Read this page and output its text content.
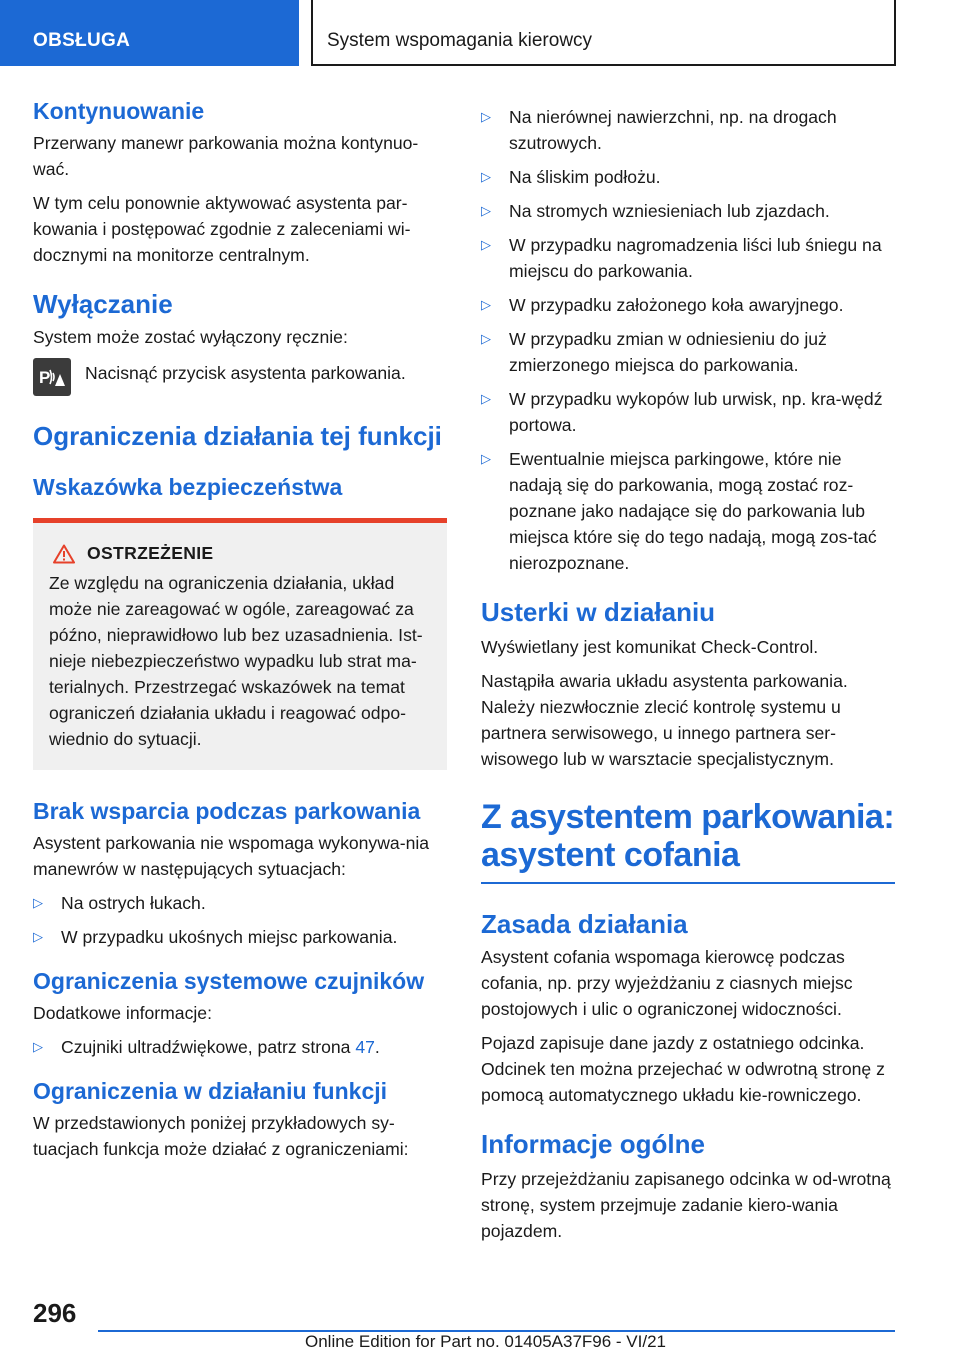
OBSŁUGA	System wspomagania kierowcy
Kontynuowanie

Przerwany manewr parkowania można kontynuo-wać.

W tym celu ponownie aktywować asystenta par-kowania i postępować zgodnie z zaleceniami wi-docznymi na monitorze centralnym.

Wyłączanie

System może zostać wyłączony ręcznie:

P Nacisnąć przycisk asystenta parkowania.

Ograniczenia działania tej funkcji
Wskazówka bezpieczeństwa
OSTRZEŻENIE

Ze względu na ograniczenia działania, układ może nie zareagować w ogóle, zareagować za późno, nieprawidłowo lub bez uzasadnienia. Ist-nieje niebezpieczeństwo wypadku lub strat ma-terialnych. Przestrzegać wskazówek na temat ograniczeń działania układu i reagować odpo-wiednio do sytuacji.

Brak wsparcia podczas parkowania

Asystent parkowania nie wspomaga wykonywa-nia manewrów w następujących sytuacjach:

▷ Na ostrych łukach.
▷ W przypadku ukośnych miejsc parkowania.
Ograniczenia systemowe czujników

Dodatkowe informacje:

▷ Czujniki ultradźwiękowe, patrz strona 47.
Ograniczenia w działaniu funkcji

W przedstawionych poniżej przykładowych sy-tuacjach funkcja może działać z ograniczeniami:

▷ Na nierównej nawierzchni, np. na drogach szutrowych.
▷ Na śliskim podłożu.
▷ Na stromych wzniesieniach lub zjazdach.
▷ W przypadku nagromadzenia liści lub śniegu na miejscu do parkowania.
▷ W przypadku założonego koła awaryjnego.
▷ W przypadku zmian w odniesieniu do już zmierzonego miejsca do parkowania.
▷ W przypadku wykopów lub urwisk, np. kra-wędź portowa.
▷ Ewentualnie miejsca parkingowe, które nie nadają się do parkowania, mogą zostać roz-poznane jako nadające się do parkowania lub miejsca które się do tego nadają, mogą zos-tać nierozpoznane.
Usterki w działaniu

Wyświetlany jest komunikat Check-Control.

Nastąpiła awaria układu asystenta parkowania. Należy niezwłocznie zlecić kontrolę systemu u partnera serwisowego, u innego partnera ser-wisowego lub w warsztacie specjalistycznym.

Z asystentem parkowania:
asystent cofania
Zasada działania

Asystent cofania wspomaga kierowcę podczas cofania, np. przy wyjeżdżaniu z ciasnych miejsc postojowych i ulic o ograniczonej widoczności.

Pojazd zapisuje dane jazdy z ostatniego odcinka. Odcinek ten można przejechać w odwrotną stronę z pomocą automatycznego układu kie-rowniczego.

Informacje ogólne

Przy przejeżdżaniu zapisanego odcinka w od-wrotną stronę, system przejmuje zadanie kiero-wania pojazdem.

296
Online Edition for Part no. 01405A37F96 - VI/21
